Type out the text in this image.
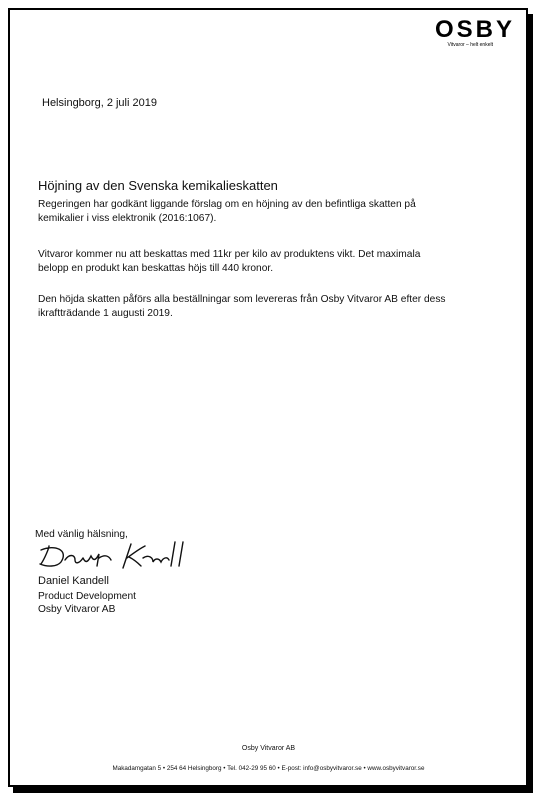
OSBY
Vitvaror – helt enkelt
Helsingborg, 2 juli 2019
Höjning av den Svenska kemikalieskatten
Regeringen har godkänt liggande förslag om en höjning av den befintliga skatten på
kemikalier i viss elektronik (2016:1067).
Vitvaror kommer nu att beskattas med 11kr per kilo av produktens vikt. Det maximala
belopp en produkt kan beskattas höjs till 440 kronor.
Den höjda skatten påförs alla beställningar som levereras från Osby Vitvaror AB efter dess
ikraftträdande 1 augusti 2019.
Med vänlig hälsning,
Daniel Kandell
Product Development
Osby Vitvaror AB
Osby Vitvaror AB
Makadamgatan 5 • 254 64 Helsingborg • Tel. 042-29 95 60 • E-post: info@osbyvitvaror.se • www.osbyvitvaror.se
